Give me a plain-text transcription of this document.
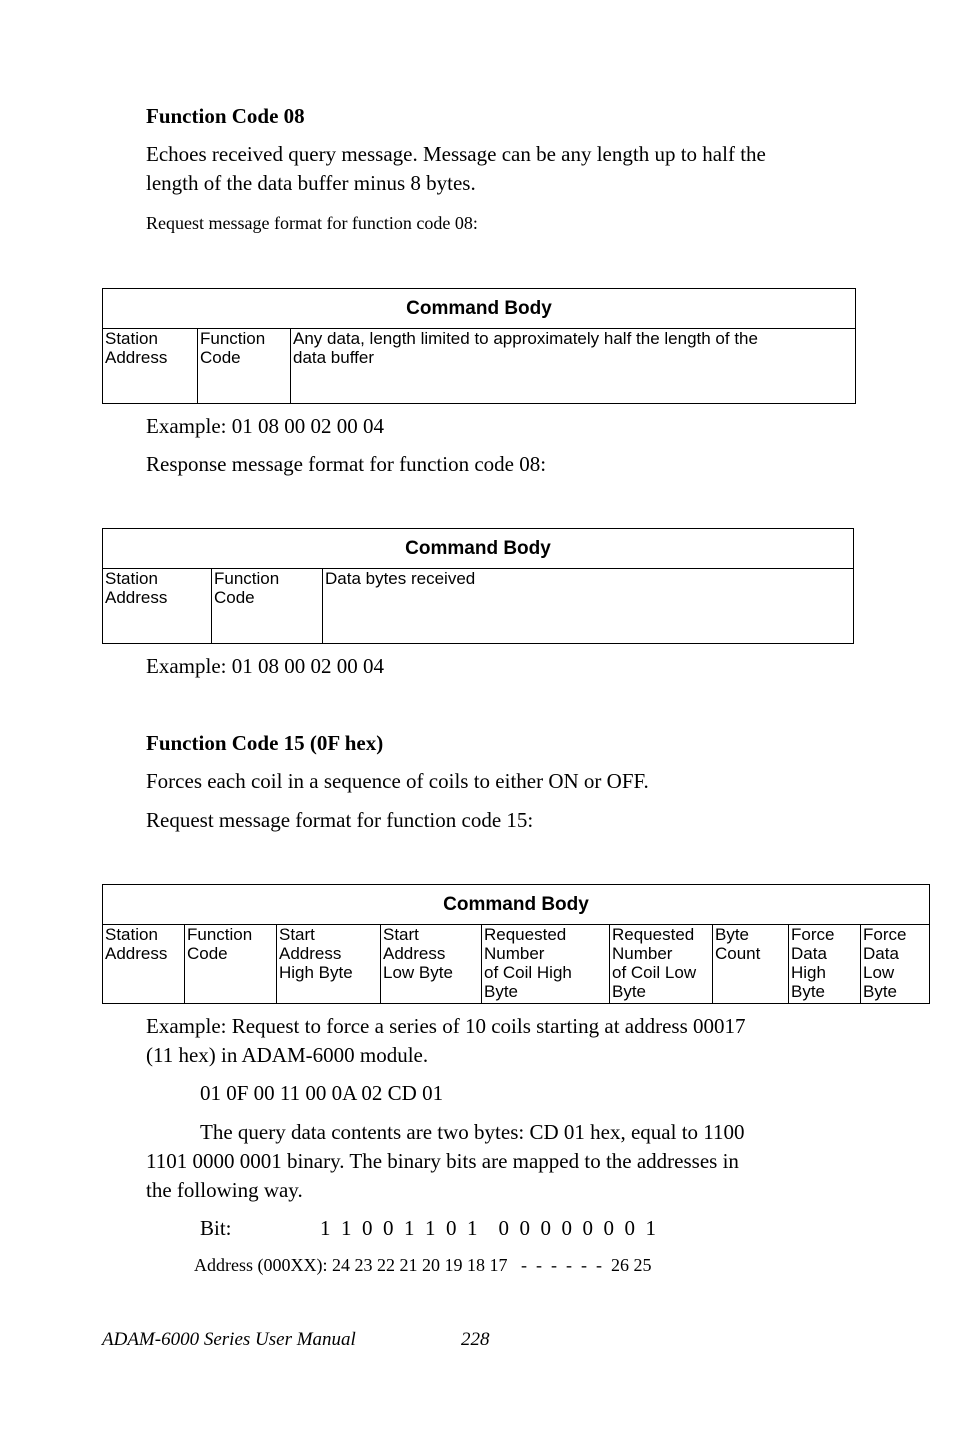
Function Code 08
Echoes received query message. Message can be any length up to half the
length of the data buffer minus 8 bytes.
Request message format for function code 08:
Command Body
Station
Address	Function
Code	Any data, length limited to approximately half the length of the
data buffer
Example: 01 08 00 02 00 04
Response message format for function code 08:
Command Body
Station
Address	Function
Code	Data bytes received
Example: 01 08 00 02 00 04
Function Code 15 (0F hex)
Forces each coil in a sequence of coils to either ON or OFF.
Request message format for function code 15:
Command Body
Station
Address	Function
Code	Start
Address
High Byte	Start
Address
Low Byte	Requested
Number
of Coil High
Byte	Requested
Number
of Coil Low
Byte	Byte
Count	Force
Data
High
Byte	Force
Data
Low
Byte
Example: Request to force a series of 10 coils starting at address 00017
(11 hex) in ADAM-6000 module.
01 0F 00 11 00 0A 02 CD 01
The query data contents are two bytes: CD 01 hex, equal to 1100
1101 0000 0001 binary. The binary bits are mapped to the addresses in
the following way.
Bit:	1  1  0  0  1  1  0  1    0  0  0  0  0  0  0  1
Address (000XX): 24 23 22 21 20 19 18 17   -  -  -  -  -  -  26 25
ADAM-6000 Series User Manual	228
